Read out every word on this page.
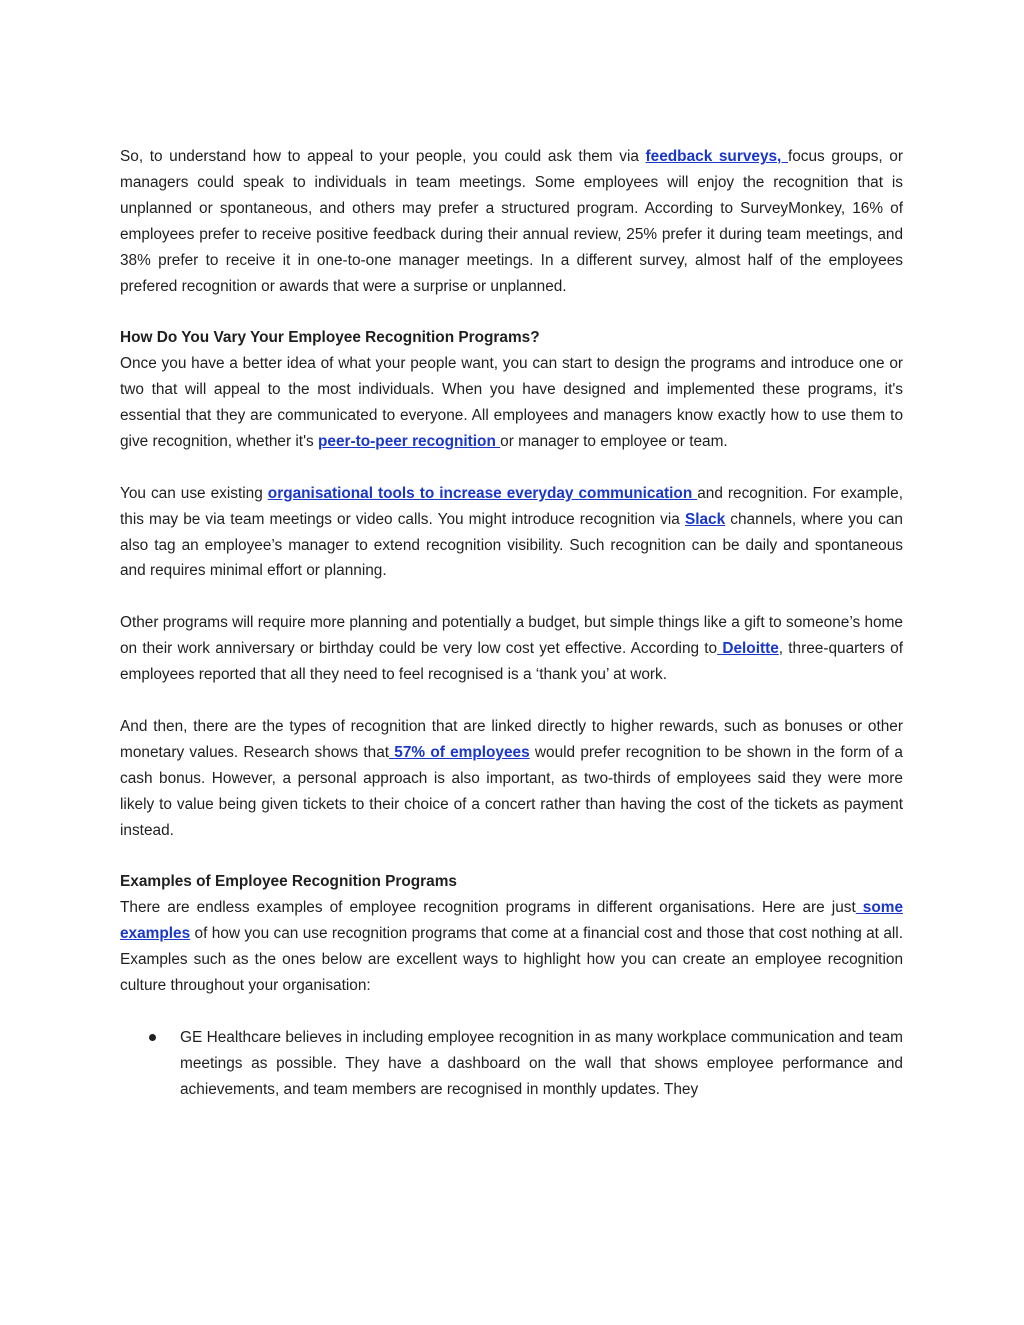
So, to understand how to appeal to your people, you could ask them via feedback surveys, focus groups, or managers could speak to individuals in team meetings. Some employees will enjoy the recognition that is unplanned or spontaneous, and others may prefer a structured program. According to SurveyMonkey, 16% of employees prefer to receive positive feedback during their annual review, 25% prefer it during team meetings, and 38% prefer to receive it in one-to-one manager meetings. In a different survey, almost half of the employees prefered recognition or awards that were a surprise or unplanned.

How Do You Vary Your Employee Recognition Programs?

Once you have a better idea of what your people want, you can start to design the programs and introduce one or two that will appeal to the most individuals. When you have designed and implemented these programs, it's essential that they are communicated to everyone. All employees and managers know exactly how to use them to give recognition, whether it's peer-to-peer recognition or manager to employee or team.

You can use existing organisational tools to increase everyday communication and recognition. For example, this may be via team meetings or video calls. You might introduce recognition via Slack channels, where you can also tag an employee’s manager to extend recognition visibility. Such recognition can be daily and spontaneous and requires minimal effort or planning.

Other programs will require more planning and potentially a budget, but simple things like a gift to someone’s home on their work anniversary or birthday could be very low cost yet effective. According to Deloitte, three-quarters of employees reported that all they need to feel recognised is a ‘thank you’ at work.

And then, there are the types of recognition that are linked directly to higher rewards, such as bonuses or other monetary values. Research shows that 57% of employees would prefer recognition to be shown in the form of a cash bonus. However, a personal approach is also important, as two-thirds of employees said they were more likely to value being given tickets to their choice of a concert rather than having the cost of the tickets as payment instead.

Examples of Employee Recognition Programs

There are endless examples of employee recognition programs in different organisations. Here are just some examples of how you can use recognition programs that come at a financial cost and those that cost nothing at all. Examples such as the ones below are excellent ways to highlight how you can create an employee recognition culture throughout your organisation:

GE Healthcare believes in including employee recognition in as many workplace communication and team meetings as possible. They have a dashboard on the wall that shows employee performance and achievements, and team members are recognised in monthly updates. They
